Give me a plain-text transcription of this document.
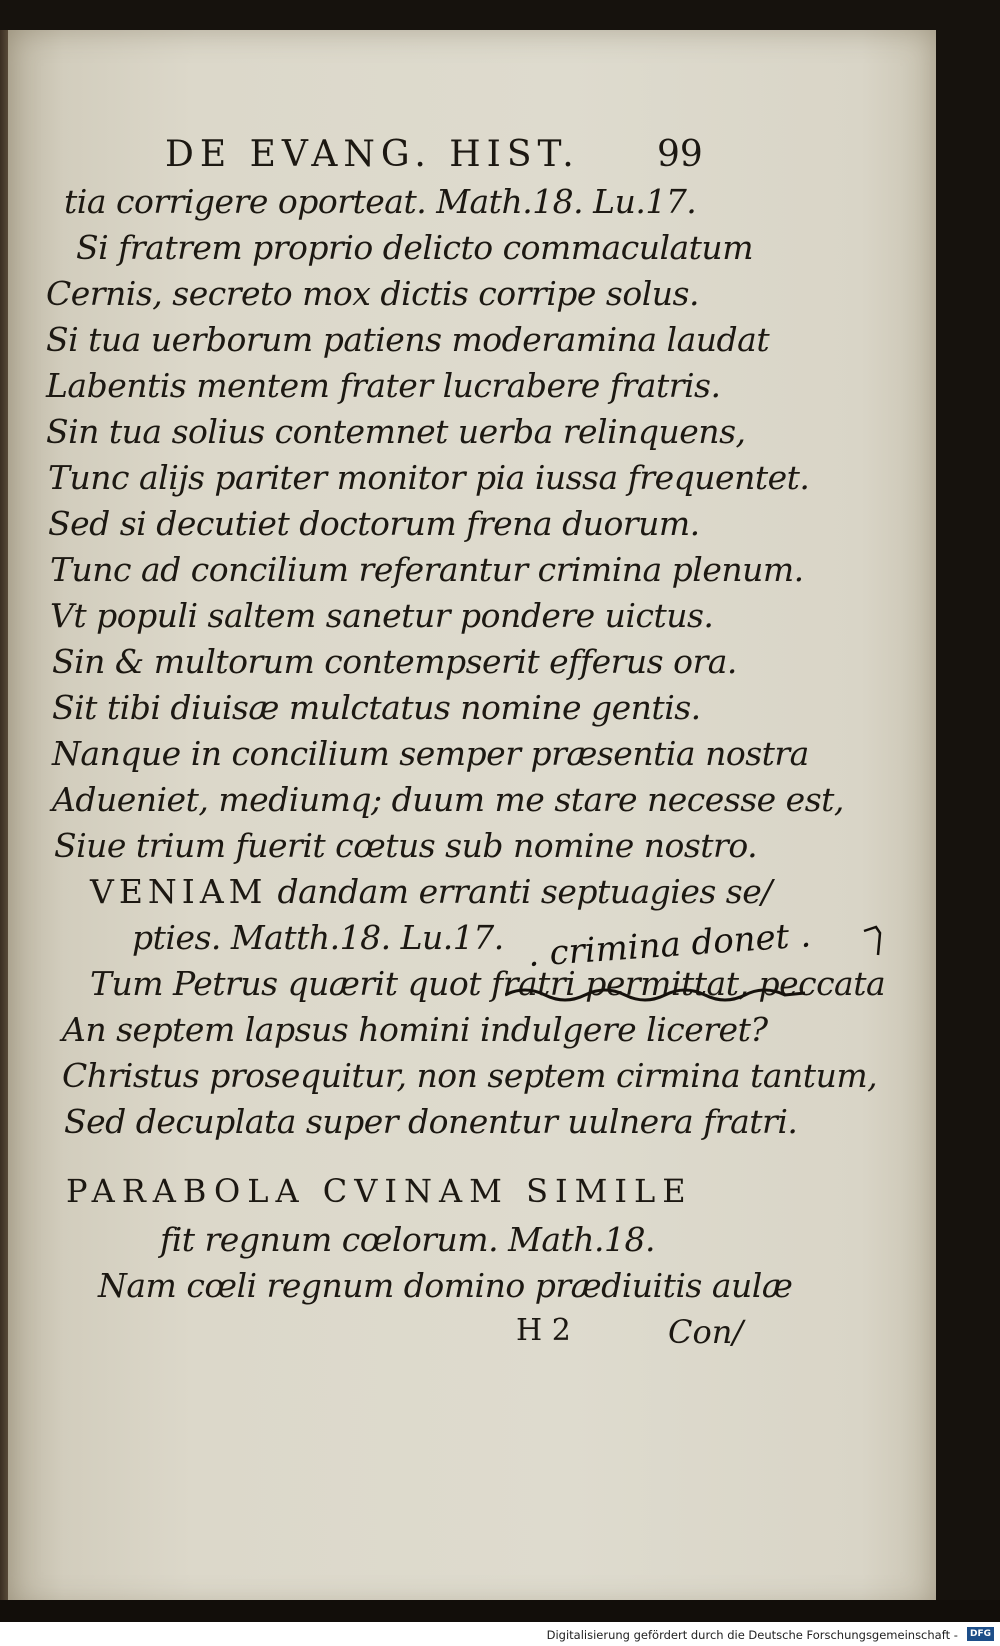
DE EVANG. HIST. 99
tia corrigere oporteat. Math.18. Lu.17.
Si fratrem proprio delicto commaculatum
Cernis, secreto mox dictis corripe solus.
Si tua uerborum patiens moderamina laudat
Labentis mentem frater lucrabere fratris.
Sin tua solius contemnet uerba relinquens,
Tunc alijs pariter monitor pia iussa frequentet.
Sed si decutiet doctorum frena duorum.
Tunc ad concilium referantur crimina plenum.
Vt populi saltem sanetur pondere uictus.
Sin & multorum contempserit efferus ora.
Sit tibi diuisæ mulctatus nomine gentis.
Nanque in concilium semper præsentia nostra
Adueniet, mediumq; duum me stare necesse est,
Siue trium fuerit cœtus sub nomine nostro.
VENIAM dandam erranti septuagies se/
pties. Matth.18. Lu.17. . crimina donet .
Tum Petrus quærit quot fratri permittat, peccata
An septem lapsus homini indulgere liceret?
Christus prosequitur, non septem cirmina tantum,
Sed decuplata super donentur uulnera fratri.
PARABOLA CVINAM SIMILE
fit regnum cœlorum. Math.18.
Nam cœli regnum domino prædiuitis aulæ
H 2	Con/
Digitalisierung gefördert durch die Deutsche Forschungsgemeinschaft - DFG
